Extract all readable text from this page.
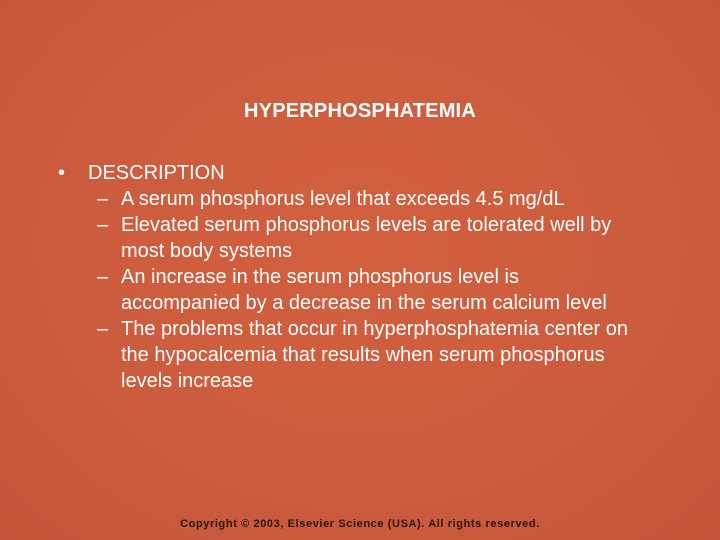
HYPERPHOSPHATEMIA
•	DESCRIPTION
– A serum phosphorus level that exceeds 4.5 mg/dL
– Elevated serum phosphorus levels are tolerated well by most body systems
– An increase in the serum phosphorus level is accompanied by a decrease in the serum calcium level
– The problems that occur in hyperphosphatemia center on the hypocalcemia that results when serum phosphorus levels increase
Copyright © 2003, Elsevier Science (USA). All rights reserved.
